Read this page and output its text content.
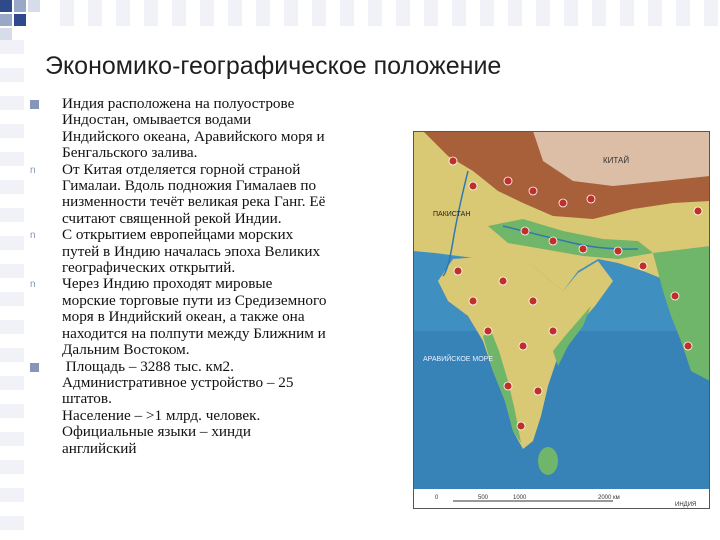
Экономико-географическое положение
Индия расположена на полуострове
Индостан, омывается водами
Индийского океана, Аравийского моря и
Бенгальского залива.
n От Китая отделяется горной страной
Гималаи. Вдоль подножия Гималаев по
низменности течёт великая река Ганг. Её
считают священной рекой Индии.
n С открытием европейцами морских
путей в Индию началась эпоха Великих
географических открытий.
n Через Индию проходят мировые
морские торговые пути из Средиземного
моря в Индийский океан, а также она
находится на полпути между Ближним и
Дальним Востоком.
Площадь – 3288 тыс. км2.
Административное устройство – 25
штатов.
Население – >1 млрд. человек.
Официальные языки – хинди
английский
КИТАЙ
ПАКИСТАН
АРАВИЙСКОЕ МОРЕ
0	500	1000	2000 км
ИНДИЯ
